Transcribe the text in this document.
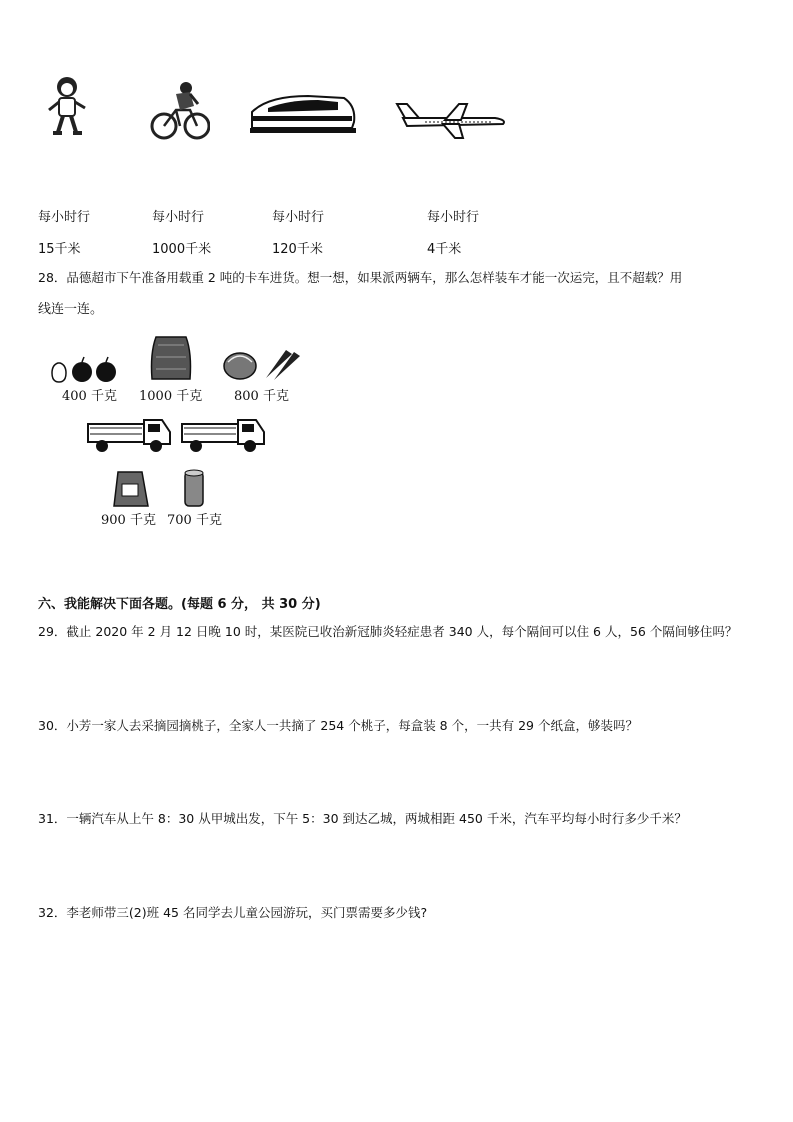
每小时行	每小时行	每小时行	每小时行
15千米	1000千米	120千米	4千米
28．品德超市下午准备用载重 2 吨的卡车进货。想一想，如果派两辆车，那么怎样装车才能一次运完，且不超载？用
线连一连。
400 千克 1000 千克 800 千克
900 千克 700 千克
六、我能解决下面各题。(每题 6 分， 共 30 分)
29．截止 2020 年 2 月 12 日晚 10 时，某医院已收治新冠肺炎轻症患者 340 人，每个隔间可以住 6 人，56 个隔间够住吗？
30．小芳一家人去采摘园摘桃子，全家人一共摘了 254 个桃子，每盒装 8 个，一共有 29 个纸盒，够装吗？
31．一辆汽车从上午 8：30 从甲城出发，下午 5：30 到达乙城，两城相距 450 千米，汽车平均每小时行多少千米？
32．李老师带三(2)班 45 名同学去儿童公园游玩，买门票需要多少钱?
